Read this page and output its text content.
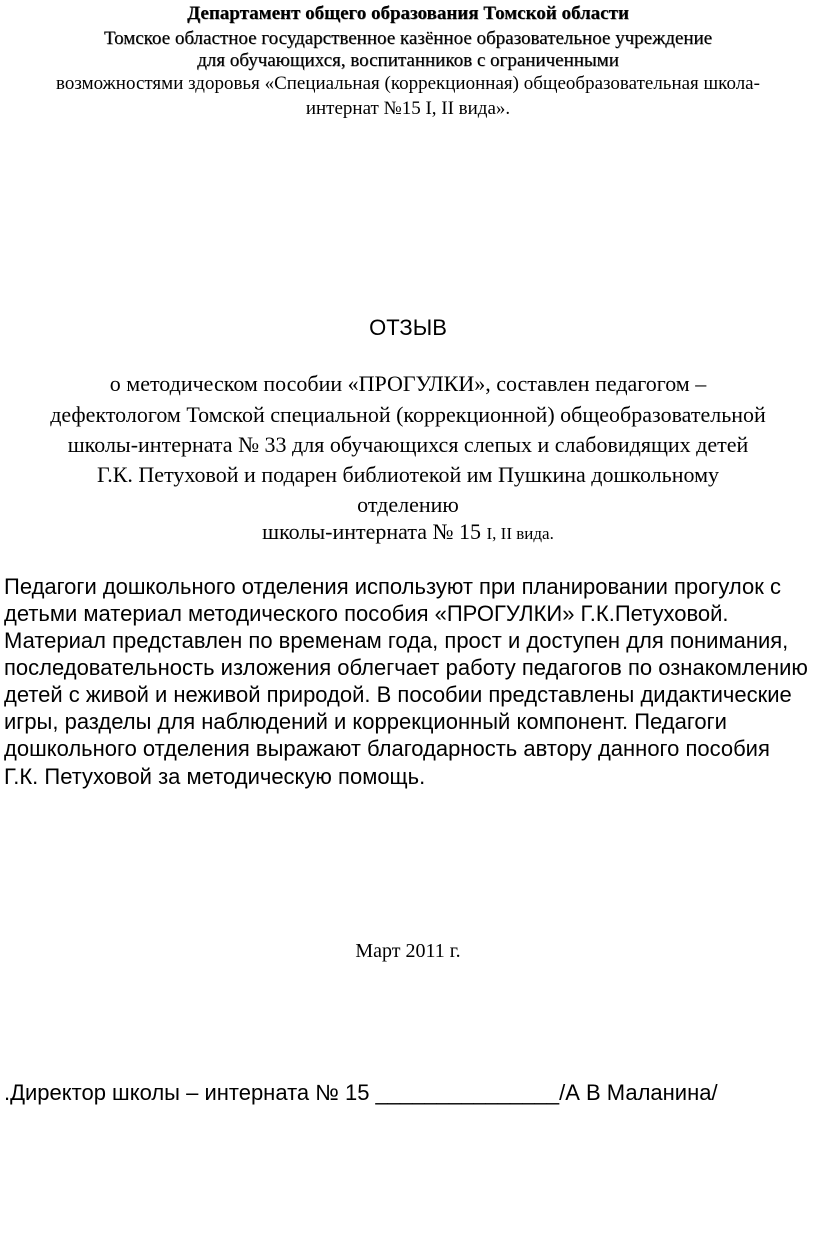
Департамент общего образования Томской области
Томское областное государственное казённое образовательное учреждение
для обучающихся, воспитанников с ограниченными
возможностями здоровья «Специальная (коррекционная) общеобразовательная школа-
интернат №15 I, II вида».
ОТЗЫВ
о методическом пособии «ПРОГУЛКИ», составлен педагогом –
дефектологом Томской специальной (коррекционной) общеобразовательной
школы-интерната № 33 для обучающихся слепых и слабовидящих детей
Г.К. Петуховой и подарен библиотекой им Пушкина дошкольному
отделению
школы-интерната № 15 I, II вида.
Педагоги дошкольного отделения используют при планировании прогулок с
детьми материал методического пособия «ПРОГУЛКИ» Г.К.Петуховой.
Материал представлен по временам года, прост и доступен для понимания,
последовательность изложения облегчает работу педагогов по ознакомлению
детей с живой и неживой природой. В пособии представлены дидактические
игры, разделы для наблюдений и коррекционный компонент. Педагоги
дошкольного отделения выражают благодарность автору данного пособия
Г.К. Петуховой за методическую помощь.
Март 2011 г.
.Директор школы – интерната № 15 _______________/А В Маланина/
